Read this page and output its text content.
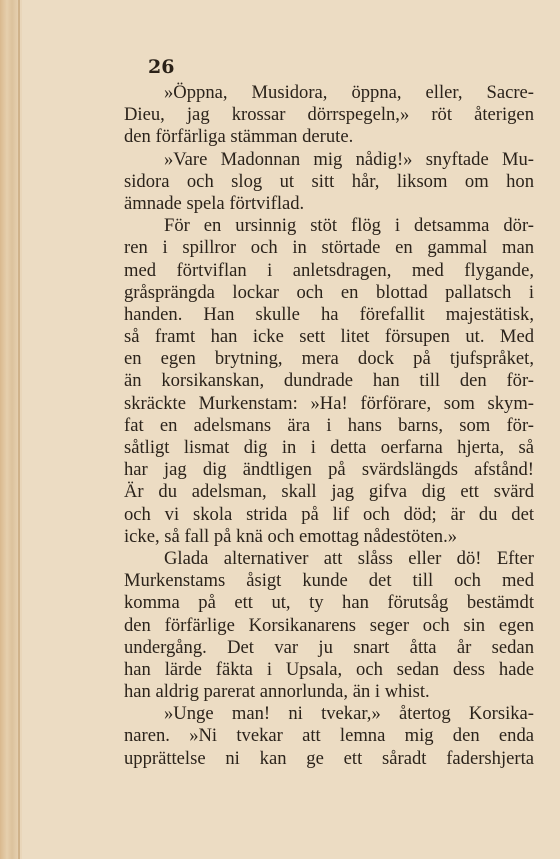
26
»Öppna, Musidora, öppna, eller, Sacre-
Dieu, jag krossar dörrspegeln,» röt återigen
den förfärliga stämman derute.
»Vare Madonnan mig nådig!» snyftade Mu-
sidora och slog ut sitt hår, liksom om hon
ämnade spela förtviflad.
För en ursinnig stöt flög i detsamma dör-
ren i spillror och in störtade en gammal man
med förtviflan i anletsdragen, med flygande,
gråsprängda lockar och en blottad pallatsch i
handen. Han skulle ha förefallit majestätisk,
så framt han icke sett litet försupen ut. Med
en egen brytning, mera dock på tjufspråket,
än korsikanskan, dundrade han till den för-
skräckte Murkenstam: »Ha! förförare, som skym-
fat en adelsmans ära i hans barns, som för-
såtligt lismat dig in i detta oerfarna hjerta, så
har jag dig ändtligen på svärdslängds afstånd!
Är du adelsman, skall jag gifva dig ett svärd
och vi skola strida på lif och död; är du det
icke, så fall på knä och emottag nådestöten.»
Glada alternativer att slåss eller dö! Efter
Murkenstams åsigt kunde det till och med
komma på ett ut, ty han förutsåg bestämdt
den förfärlige Korsikanarens seger och sin egen
undergång. Det var ju snart åtta år sedan
han lärde fäkta i Upsala, och sedan dess hade
han aldrig parerat annorlunda, än i whist.
»Unge man! ni tvekar,» återtog Korsika-
naren. »Ni tvekar att lemna mig den enda
upprättelse ni kan ge ett såradt fadershjerta
